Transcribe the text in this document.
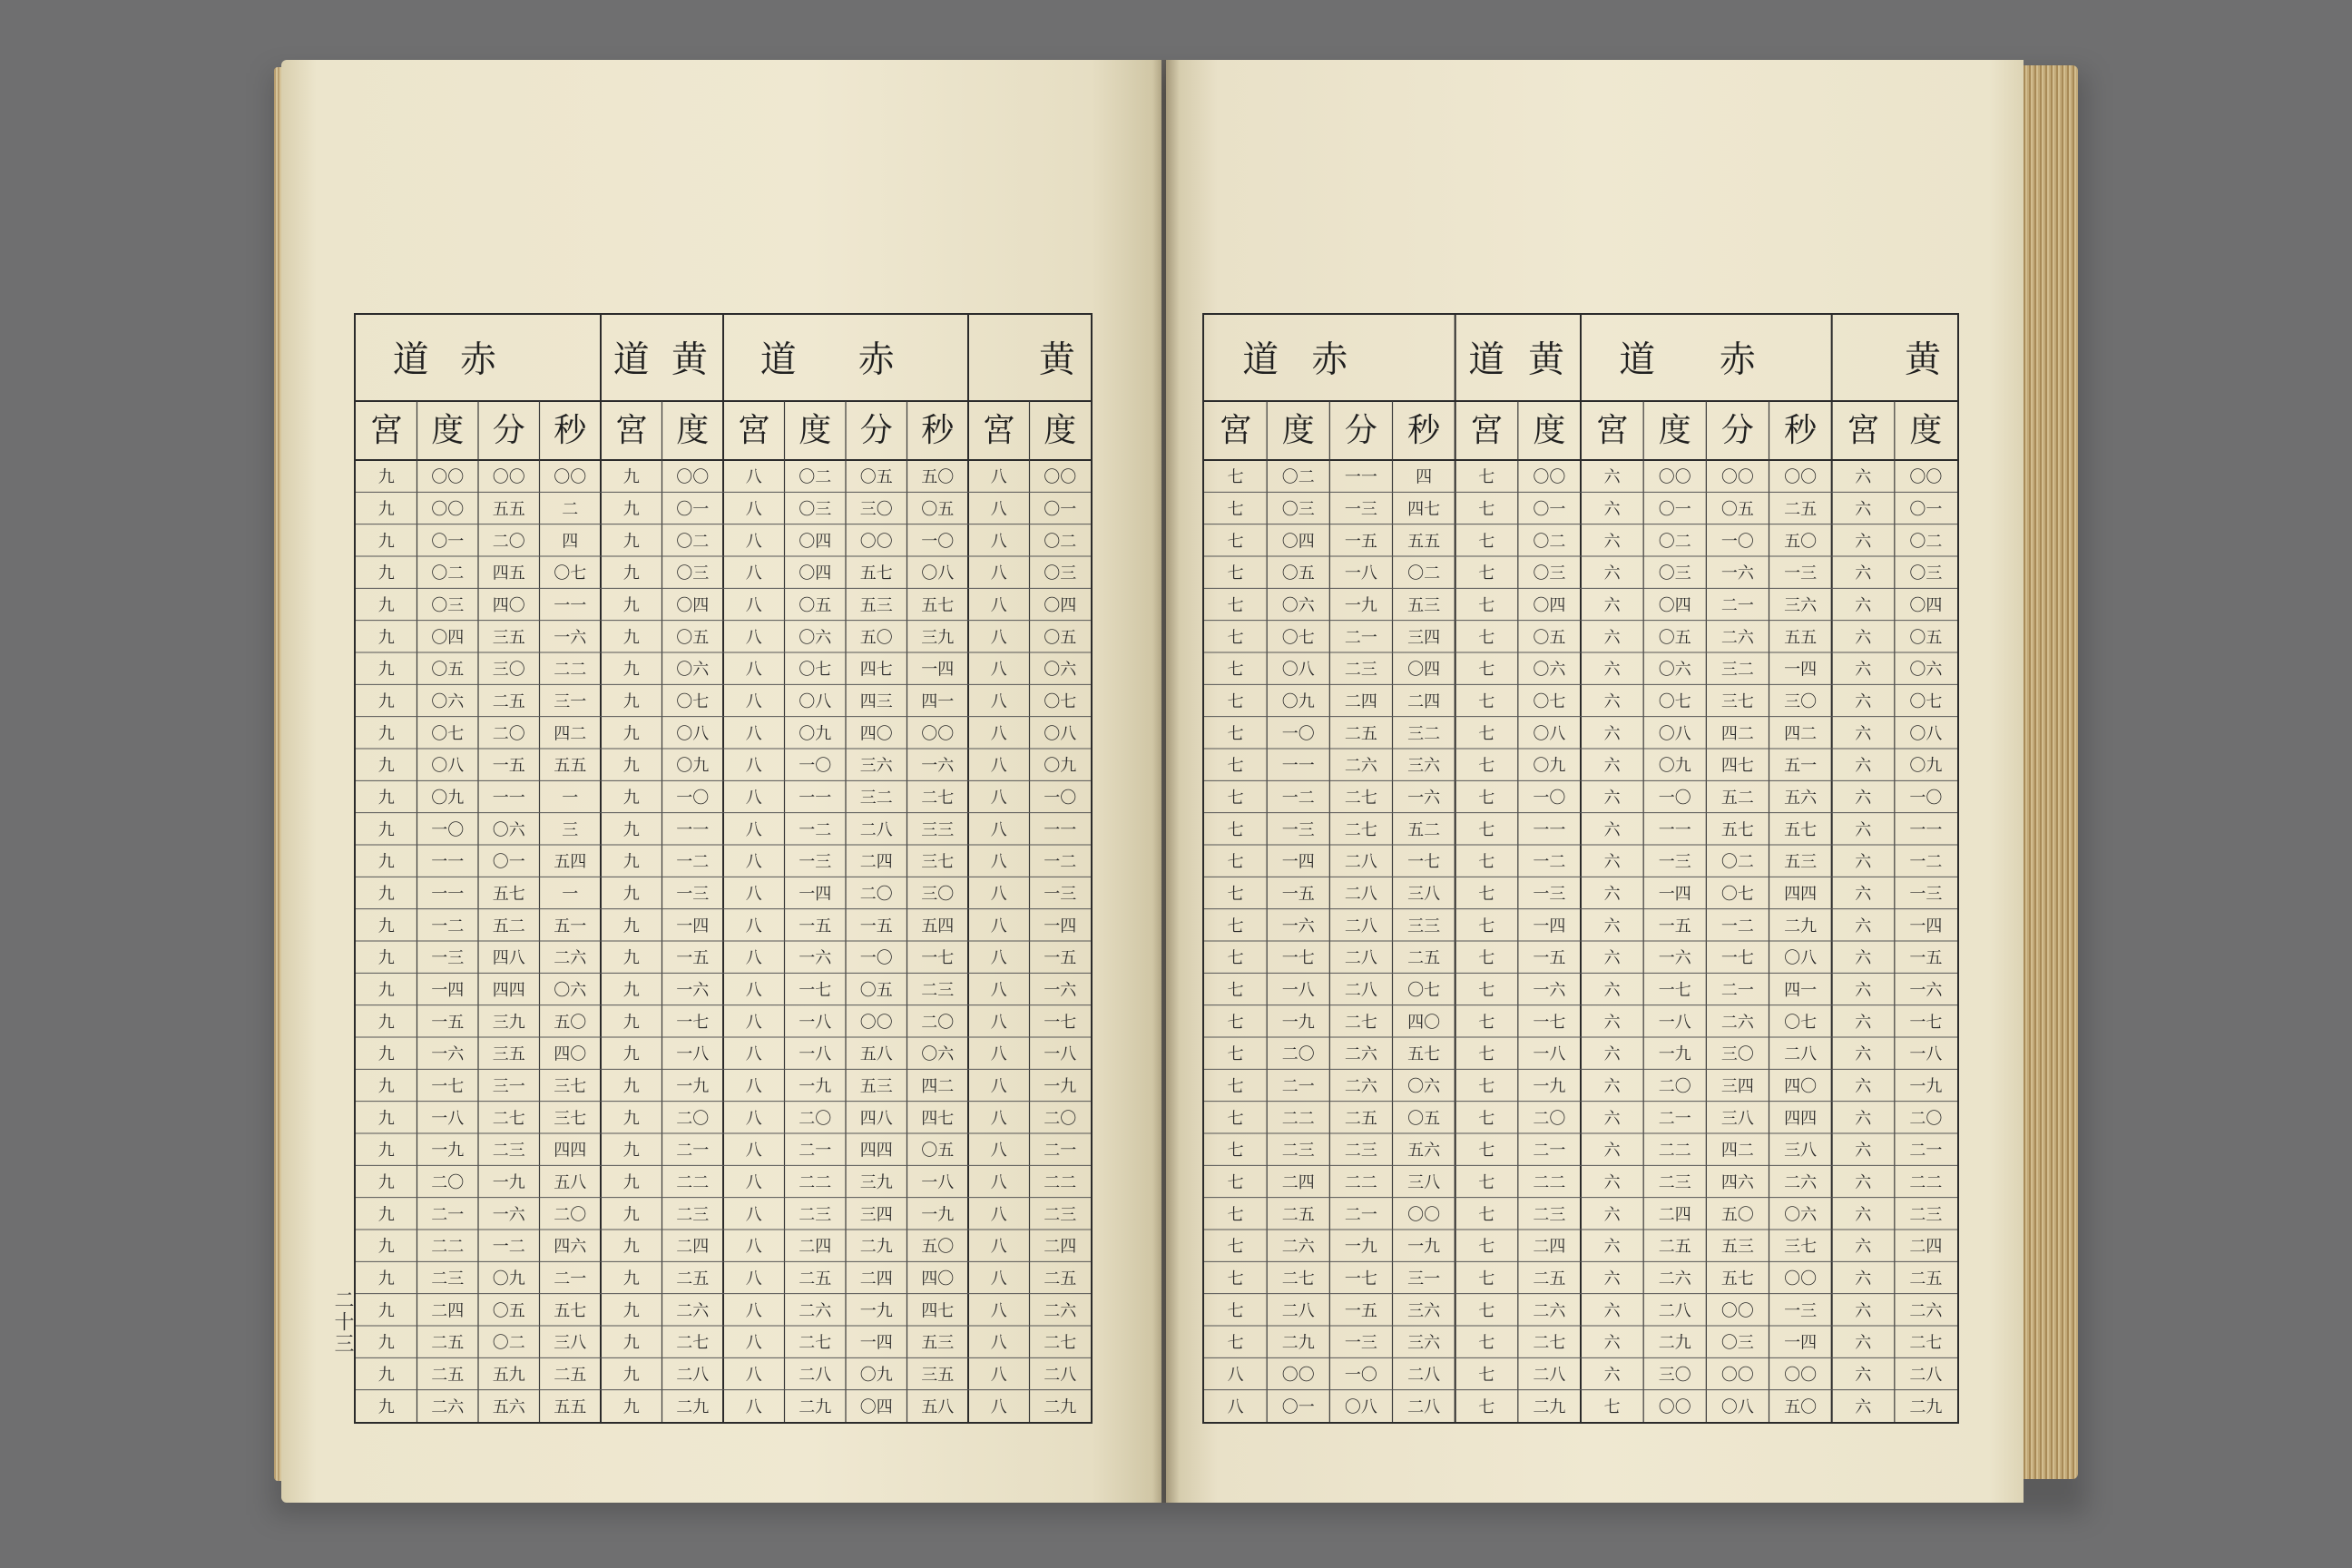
二十三
赤
道	黄
道	赤
道	黄
宮 度 分 秒 宮 度 宮 度 分 秒 宮 度
九 〇〇 〇〇 〇〇 九 〇〇 八 〇二 〇五 五〇 八 〇〇
九 〇〇 五五 二	九 〇一 八 〇三 三〇 〇五 八 〇一
九 〇一 二〇 四	九 〇二 八 〇四 〇〇 一〇 八 〇二
九 〇二 四五 〇七 九 〇三 八 〇四 五七 〇八 八 〇三
九 〇三 四〇 一一 九 〇四 八 〇五 五三 五七 八 〇四
九 〇四 三五 一六 九 〇五 八 〇六 五〇 三九 八 〇五
九 〇五 三〇 二二 九 〇六 八 〇七 四七 一四 八 〇六
九 〇六 二五 三一 九 〇七 八 〇八 四三 四一 八 〇七
九 〇七 二〇 四二 九 〇八 八 〇九 四〇 〇〇 八 〇八
九 〇八 一五 五五 九 〇九 八 一〇 三六 一六 八 〇九
九 〇九 一一 一	九 一〇 八 一一 三二 二七 八 一〇
九 一〇 〇六 三	九 一一 八 一二 二八 三三 八 一一
九 一一 〇一 五四 九 一二 八 一三 二四 三七 八 一二
九 一一 五七 一	九 一三 八 一四 二〇 三〇 八 一三
九 一二 五二 五一 九 一四 八 一五 一五 五四 八 一四
九 一三 四八 二六 九 一五 八 一六 一〇 一七 八 一五
九 一四 四四 〇六 九 一六 八 一七 〇五 二三 八 一六
九 一五 三九 五〇 九 一七 八 一八 〇〇 二〇 八 一七
九 一六 三五 四〇 九 一八 八 一八 五八 〇六 八 一八
九 一七 三一 三七 九 一九 八 一九 五三 四二 八 一九
九 一八 二七 三七 九 二〇 八 二〇 四八 四七 八 二〇
九 一九 二三 四四 九 二一 八 二一 四四 〇五 八 二一
九 二〇 一九 五八 九 二二 八 二二 三九 一八 八 二二
九 二一 一六 二〇 九 二三 八 二三 三四 一九 八 二三
九 二二 一二 四六 九 二四 八 二四 二九 五〇 八 二四
九 二三 〇九 二一 九 二五 八 二五 二四 四〇 八 二五
九 二四 〇五 五七 九 二六 八 二六 一九 四七 八 二六
九 二五 〇二 三八 九 二七 八 二七 一四 五三 八 二七
九 二五 五九 二五 九 二八 八 二八 〇九 三五 八 二八
九 二六 五六 五五 九 二九 八 二九 〇四 五八 八 二九
赤
道	黄
道	赤
道	黄
宮 度 分 秒 宮 度 宮 度 分 秒 宮 度
七 〇二 一一 四	七 〇〇 六 〇〇 〇〇 〇〇 六 〇〇
七 〇三 一三 四七 七 〇一 六 〇一 〇五 二五 六 〇一
七 〇四 一五 五五 七 〇二 六 〇二 一〇 五〇 六 〇二
七 〇五 一八 〇二 七 〇三 六 〇三 一六 一三 六 〇三
七 〇六 一九 五三 七 〇四 六 〇四 二一 三六 六 〇四
七 〇七 二一 三四 七 〇五 六 〇五 二六 五五 六 〇五
七 〇八 二三 〇四 七 〇六 六 〇六 三二 一四 六 〇六
七 〇九 二四 二四 七 〇七 六 〇七 三七 三〇 六 〇七
七 一〇 二五 三二 七 〇八 六 〇八 四二 四二 六 〇八
七 一一 二六 三六 七 〇九 六 〇九 四七 五一 六 〇九
七 一二 二七 一六 七 一〇 六 一〇 五二 五六 六 一〇
七 一三 二七 五二 七 一一 六 一一 五七 五七 六 一一
七 一四 二八 一七 七 一二 六 一三 〇二 五三 六 一二
七 一五 二八 三八 七 一三 六 一四 〇七 四四 六 一三
七 一六 二八 三三 七 一四 六 一五 一二 二九 六 一四
七 一七 二八 二五 七 一五 六 一六 一七 〇八 六 一五
七 一八 二八 〇七 七 一六 六 一七 二一 四一 六 一六
七 一九 二七 四〇 七 一七 六 一八 二六 〇七 六 一七
七 二〇 二六 五七 七 一八 六 一九 三〇 二八 六 一八
七 二一 二六 〇六 七 一九 六 二〇 三四 四〇 六 一九
七 二二 二五 〇五 七 二〇 六 二一 三八 四四 六 二〇
七 二三 二三 五六 七 二一 六 二二 四二 三八 六 二一
七 二四 二二 三八 七 二二 六 二三 四六 二六 六 二二
七 二五 二一 〇〇 七 二三 六 二四 五〇 〇六 六 二三
七 二六 一九 一九 七 二四 六 二五 五三 三七 六 二四
七 二七 一七 三一 七 二五 六 二六 五七 〇〇 六 二五
七 二八 一五 三六 七 二六 六 二八 〇〇 一三 六 二六
七 二九 一三 三六 七 二七 六 二九 〇三 一四 六 二七
八 〇〇 一〇 二八 七 二八 六 三〇 〇〇 〇〇 六 二八
八 〇一 〇八 二八 七 二九 七 〇〇 〇八 五〇 六 二九
